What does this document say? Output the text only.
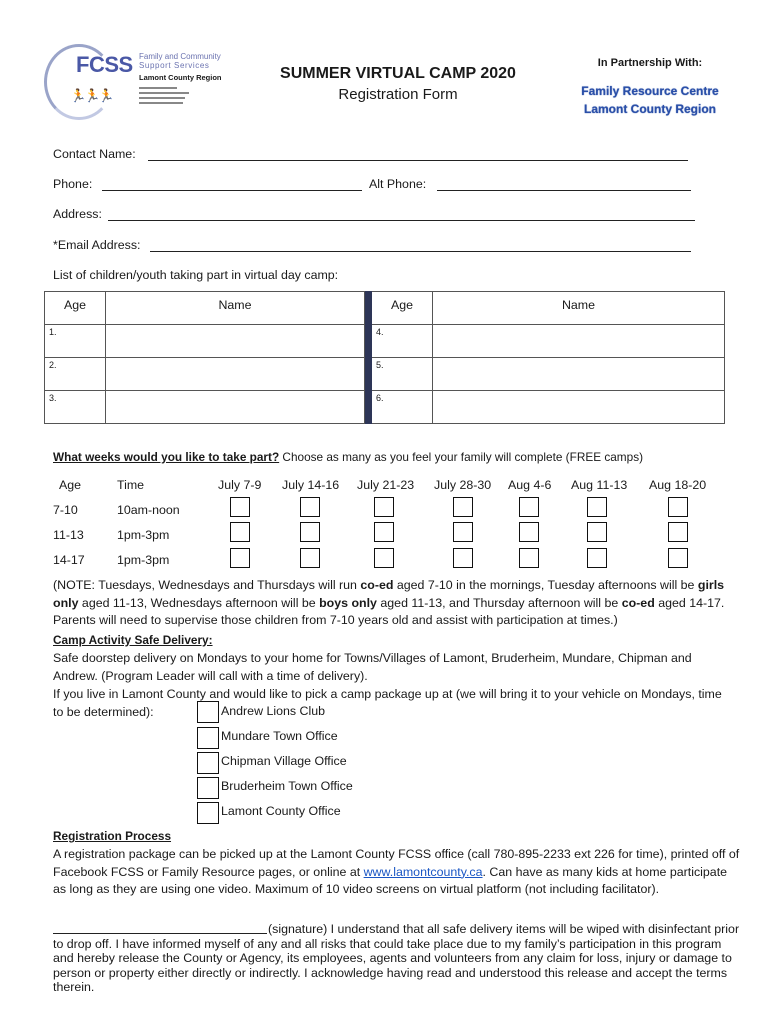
FCSS Family and Community
Support Services
Lamont County Region
🏃🏃🏃
SUMMER VIRTUAL CAMP 2020
Registration Form
In Partnership With:
Family Resource Centre
Lamont County Region
Contact Name:
Phone:	Alt Phone:
Address:
*Email Address:
List of children/youth taking part in virtual day camp:
Age	Name		Age	Name
1.			4.	
2.			5.	
3.			6.	
What weeks would you like to take part? Choose as many as you feel your family will complete (FREE camps)
Age	Time	July 7-9 July 14-16 July 21-23 July 28-30 Aug 4-6 Aug 11-13 Aug 18-20
7-10	10am-noon
11-13	1pm-3pm
14-17	1pm-3pm
(NOTE: Tuesdays, Wednesdays and Thursdays will run co-ed aged 7-10 in the mornings, Tuesday afternoons will be girls only aged 11-13, Wednesdays afternoon will be boys only aged 11-13, and Thursday afternoon will be co-ed aged 14-17. Parents will need to supervise those children from 7-10 years old and assist with participation at times.)
Camp Activity Safe Delivery:
Safe doorstep delivery on Mondays to your home for Towns/Villages of Lamont, Bruderheim, Mundare, Chipman and Andrew. (Program Leader will call with a time of delivery).
If you live in Lamont County and would like to pick a camp package up at (we will bring it to your vehicle on Mondays, time to be determined):	Andrew Lions Club
Mundare Town Office
Chipman Village Office
Bruderheim Town Office
Lamont County Office
Registration Process
A registration package can be picked up at the Lamont County FCSS office (call 780-895-2233 ext 226 for time), printed off of Facebook FCSS or Family Resource pages, or online at www.lamontcounty.ca. Can have as many kids at home participate as long as they are using one video. Maximum of 10 video screens on virtual platform (not including facilitator).
(signature) I understand that all safe delivery items will be wiped with disinfectant prior to drop off. I have informed myself of any and all risks that could take place due to my family’s participation in this program and hereby release the County or Agency, its employees, agents and volunteers from any claim for loss, injury or damage to person or property either directly or indirectly. I acknowledge having read and understood this release and accept the terms therein.
